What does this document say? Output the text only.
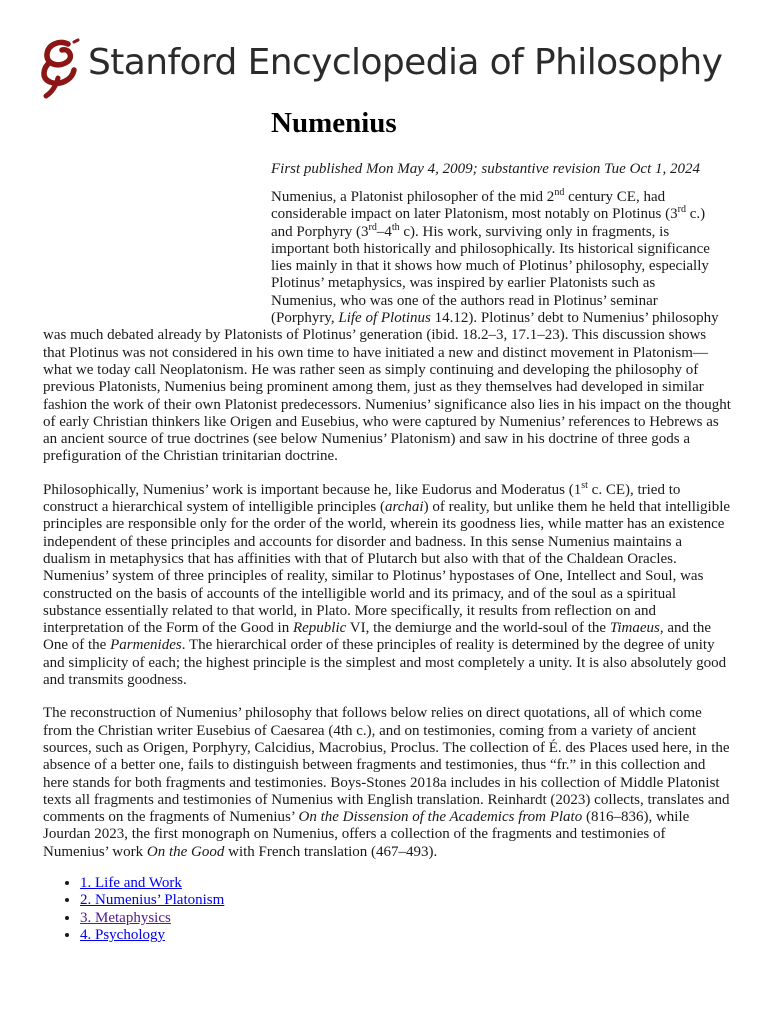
Stanford Encyclopedia of Philosophy
Numenius
First published Mon May 4, 2009; substantive revision Tue Oct 1, 2024
Numenius, a Platonist philosopher of the mid 2nd century CE, had
considerable impact on later Platonism, most notably on Plotinus (3rd c.)
and Porphyry (3rd–4th c). His work, surviving only in fragments, is
important both historically and philosophically. Its historical significance
lies mainly in that it shows how much of Plotinus’ philosophy, especially
Plotinus’ metaphysics, was inspired by earlier Platonists such as
Numenius, who was one of the authors read in Plotinus’ seminar
(Porphyry, Life of Plotinus 14.12). Plotinus’ debt to Numenius’ philosophy
was much debated already by Platonists of Plotinus’ generation (ibid. 18.2–3, 17.1–23). This discussion shows that Plotinus was not considered in his own time to have initiated a new and distinct movement in Platonism—what we today call Neoplatonism. He was rather seen as simply continuing and developing the philosophy of previous Platonists, Numenius being prominent among them, just as they themselves had developed in similar fashion the work of their own Platonist predecessors. Numenius’ significance also lies in his impact on the thought of early Christian thinkers like Origen and Eusebius, who were captured by Numenius’ references to Hebrews as an ancient source of true doctrines (see below Numenius’ Platonism) and saw in his doctrine of three gods a prefiguration of the Christian trinitarian doctrine.

Philosophically, Numenius’ work is important because he, like Eudorus and Moderatus (1st c. CE), tried to construct a hierarchical system of intelligible principles (archai) of reality, but unlike them he held that intelligible principles are responsible only for the order of the world, wherein its goodness lies, while matter has an existence independent of these principles and accounts for disorder and badness. In this sense Numenius maintains a dualism in metaphysics that has affinities with that of Plutarch but also with that of the Chaldean Oracles. Numenius’ system of three principles of reality, similar to Plotinus’ hypostases of One, Intellect and Soul, was constructed on the basis of accounts of the intelligible world and its primacy, and of the soul as a spiritual substance essentially related to that world, in Plato. More specifically, it results from reflection on and interpretation of the Form of the Good in Republic VI, the demiurge and the world-soul of the Timaeus, and the One of the Parmenides. The hierarchical order of these principles of reality is determined by the degree of unity and simplicity of each; the highest principle is the simplest and most completely a unity. It is also absolutely good and transmits goodness.

The reconstruction of Numenius’ philosophy that follows below relies on direct quotations, all of which come from the Christian writer Eusebius of Caesarea (4th c.), and on testimonies, coming from a variety of ancient sources, such as Origen, Porphyry, Calcidius, Macrobius, Proclus. The collection of É. des Places used here, in the absence of a better one, fails to distinguish between fragments and testimonies, thus “fr.” in this collection and here stands for both fragments and testimonies. Boys-Stones 2018a includes in his collection of Middle Platonist texts all fragments and testimonies of Numenius with English translation. Reinhardt (2023) collects, translates and comments on the fragments of Numenius’ On the Dissension of the Academics from Plato (816–836), while Jourdan 2023, the first monograph on Numenius, offers a collection of the fragments and testimonies of Numenius’ work On the Good with French translation (467–493).

• 1. Life and Work
• 2. Numenius’ Platonism
• 3. Metaphysics
• 4. Psychology
